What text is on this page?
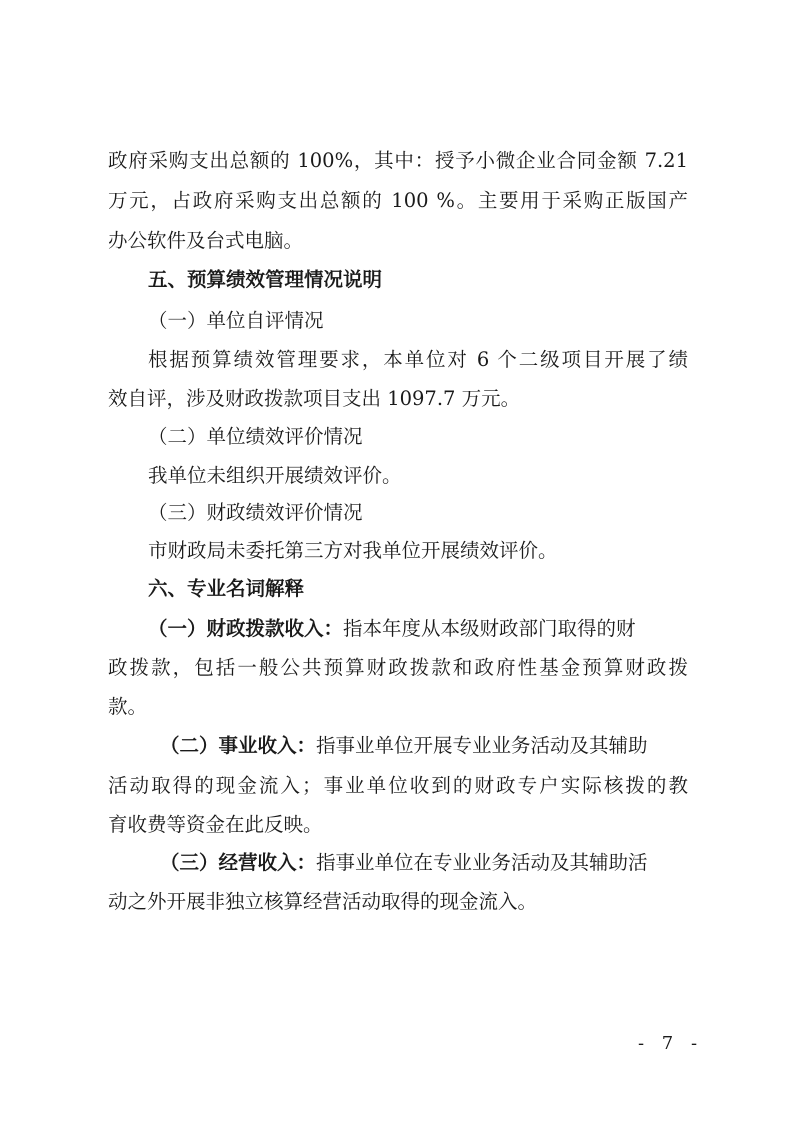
政府采购支出总额的 100%，其中：授予小微企业合同金额 7.21
万元，占政府采购支出总额的 100 %。主要用于采购正版国产
办公软件及台式电脑。
五、预算绩效管理情况说明
（一）单位自评情况
根据预算绩效管理要求，本单位对 6 个二级项目开展了绩
效自评，涉及财政拨款项目支出 1097.7 万元。
（二）单位绩效评价情况
我单位未组织开展绩效评价。
（三）财政绩效评价情况
市财政局未委托第三方对我单位开展绩效评价。
六、专业名词解释
（一）财政拨款收入：指本年度从本级财政部门取得的财
政拨款，包括一般公共预算财政拨款和政府性基金预算财政拨
款。
（二）事业收入：指事业单位开展专业业务活动及其辅助
活动取得的现金流入；事业单位收到的财政专户实际核拨的教
育收费等资金在此反映。
（三）经营收入：指事业单位在专业业务活动及其辅助活
动之外开展非独立核算经营活动取得的现金流入。
- 7 -
